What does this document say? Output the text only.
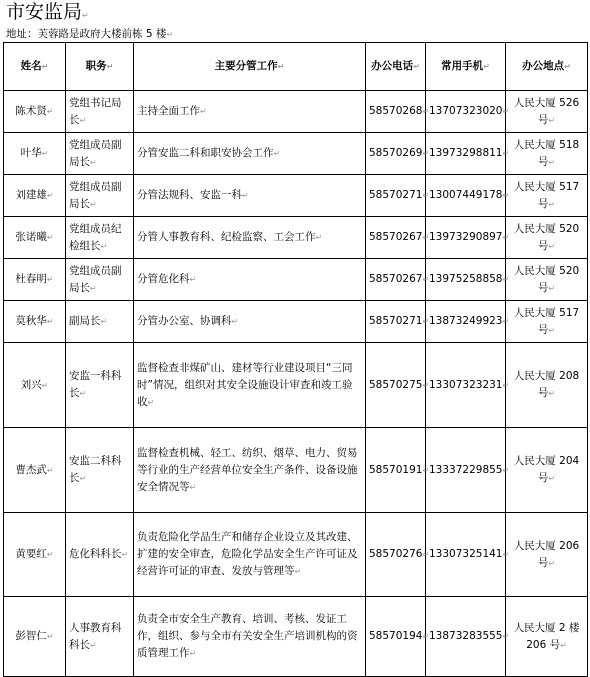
市安监局↵
地址：芙蓉路是政府大楼前栋 5 楼↵
姓名↵	职务↵	主要分管工作↵	办公电话↵	常用手机↵	办公地点↵
陈术贤↵	党组书记局长↵	主持全面工作↵	58570268↵	13707323020↵	人民大厦 526 号↵
叶华↵	党组成员副局长↵	分管安监二科和职安协会工作↵	58570269↵	13973298811↵	人民大厦 518 号↵
刘建雄↵	党组成员副局长↵	分管法规科、安监一科↵	58570271↵	13007449178↵	人民大厦 517 号↵
张诺曦↵	党组成员纪检组长↵	分管人事教育科、纪检监察、工会工作↵	58570267↵	13973290897↵	人民大厦 520 号↵
杜春明↵	党组成员副局长↵	分管危化科↵	58570267↵	13975258858↵	人民大厦 520 号↵
莫秋华↵	副局长↵	分管办公室、协调科↵	58570271↵	13873249923↵	人民大厦 517 号↵
刘兴↵	安监一科科长↵	监督检查非煤矿山、建材等行业建设项目“三同时”情况，组织对其安全设施设计审查和竣工验收↵	58570275↵	13307323231↵	人民大厦 208 号↵
曹杰武↵	安监二科科长↵	监督检查机械、轻工、纺织、烟草、电力、贸易等行业的生产经营单位安全生产条件、设备设施安全情况等↵	58570191↵	13337229855↵	人民大厦 204 号↵
黄要红↵	危化科科长↵	负责危险化学品生产和储存企业设立及其改建、扩建的安全审查，危险化学品安全生产许可证及经营许可证的审查、发放与管理等↵	58570276↵	13307325141↵	人民大厦 206 号↵
彭智仁↵	人事教育科科长↵	负责全市安全生产教育、培训、考核、发证工作，组织、参与全市有关安全生产培训机构的资质管理工作↵	58570194↵	13873283555↵	人民大厦 2 楼 206 号↵
